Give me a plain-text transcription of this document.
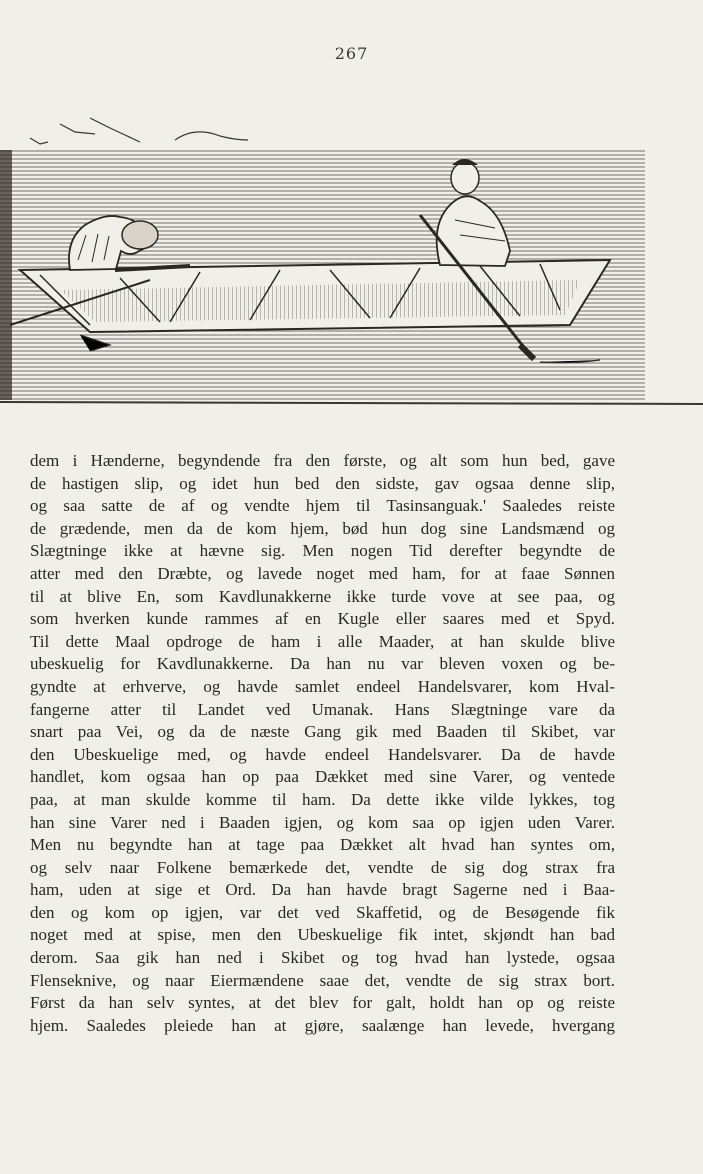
267
dem i Hænderne, begyndende fra den første, og alt som hun bed, gave
de hastigen slip, og idet hun bed den sidste, gav ogsaa denne slip,
og saa satte de af og vendte hjem til Tasinsanguak.' Saaledes reiste
de grædende, men da de kom hjem, bød hun dog sine Landsmænd og
Slægtninge ikke at hævne sig. Men nogen Tid derefter begyndte de
atter med den Dræbte, og lavede noget med ham, for at faae Sønnen
til at blive En, som Kavdlunakkerne ikke turde vove at see paa, og
som hverken kunde rammes af en Kugle eller saares med et Spyd.
Til dette Maal opdroge de ham i alle Maader, at han skulde blive
ubeskuelig for Kavdlunakkerne. Da han nu var bleven voxen og be-
gyndte at erhverve, og havde samlet endeel Handelsvarer, kom Hval-
fangerne atter til Landet ved Umanak. Hans Slægtninge vare da
snart paa Vei, og da de næste Gang gik med Baaden til Skibet, var
den Ubeskuelige med, og havde endeel Handelsvarer. Da de havde
handlet, kom ogsaa han op paa Dækket med sine Varer, og ventede
paa, at man skulde komme til ham. Da dette ikke vilde lykkes, tog
han sine Varer ned i Baaden igjen, og kom saa op igjen uden Varer.
Men nu begyndte han at tage paa Dækket alt hvad han syntes om,
og selv naar Folkene bemærkede det, vendte de sig dog strax fra
ham, uden at sige et Ord. Da han havde bragt Sagerne ned i Baa-
den og kom op igjen, var det ved Skaffetid, og de Besøgende fik
noget med at spise, men den Ubeskuelige fik intet, skjøndt han bad
derom. Saa gik han ned i Skibet og tog hvad han lystede, ogsaa
Flenseknive, og naar Eiermændene saae det, vendte de sig strax bort.
Først da han selv syntes, at det blev for galt, holdt han op og reiste
hjem. Saaledes pleiede han at gjøre, saalænge han levede, hvergang
